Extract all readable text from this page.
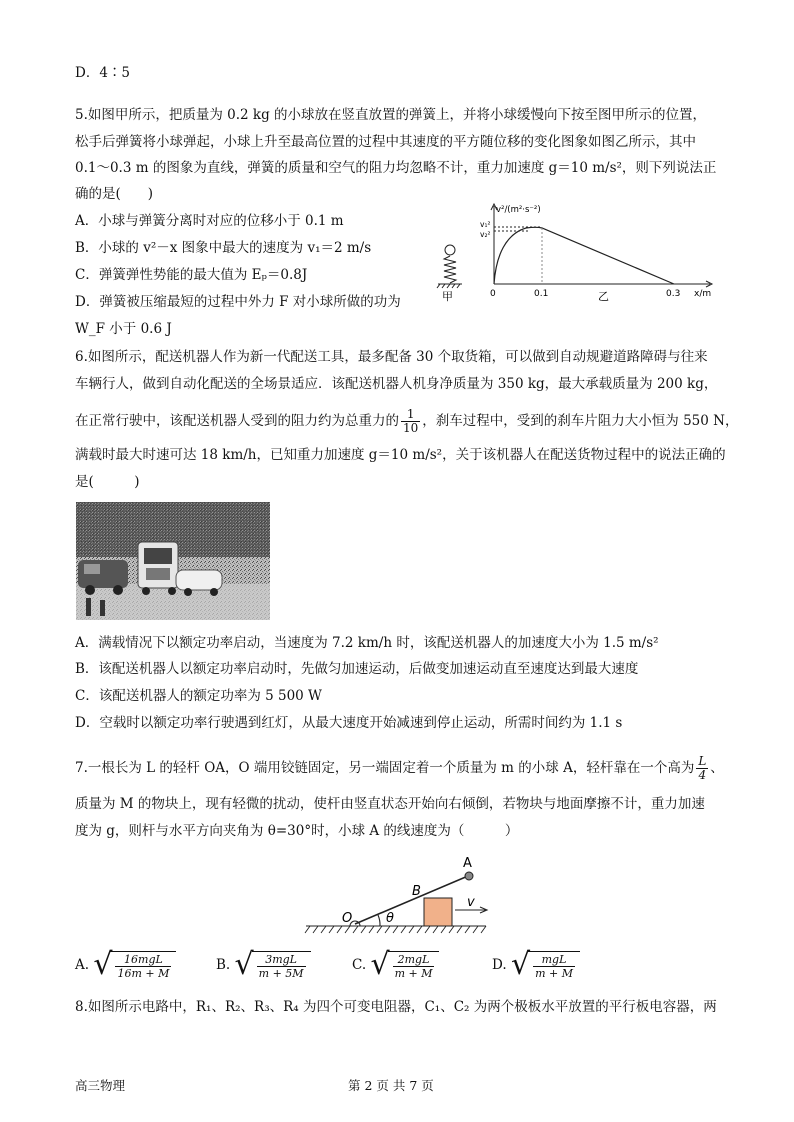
D．4∶5
5.如图甲所示，把质量为 0.2 kg 的小球放在竖直放置的弹簧上，并将小球缓慢向下按至图甲所示的位置，
松手后弹簧将小球弹起，小球上升至最高位置的过程中其速度的平方随位移的变化图象如图乙所示，其中
0.1～0.3 m 的图象为直线，弹簧的质量和空气的阻力均忽略不计，重力加速度 g＝10 m/s²，则下列说法正
确的是(　　)
A．小球与弹簧分离时对应的位移小于 0.1 m
B．小球的 v²－x 图象中最大的速度为 v₁＝2 m/s
C．弹簧弹性势能的最大值为 Eₚ＝0.8J
D．弹簧被压缩最短的过程中外力 F 对小球所做的功为
W_F 小于 0.6 J
甲
v²/(m²·s⁻²)
v₁²
v₂²
0	0.1	乙	0.3 x/m
6.如图所示，配送机器人作为新一代配送工具，最多配备 30 个取货箱，可以做到自动规避道路障碍与往来
车辆行人，做到自动化配送的全场景适应．该配送机器人机身净质量为 350 kg，最大承载质量为 200 kg，
在正常行驶中，该配送机器人受到的阻力约为总重力的 $\frac{1}{10}$ ，刹车过程中，受到的刹车片阻力大小恒为 550 N，
满载时最大时速可达 18 km/h，已知重力加速度 g＝10 m/s²，关于该机器人在配送货物过程中的说法正确的
是(　　　)
A．满载情况下以额定功率启动，当速度为 7.2 km/h 时，该配送机器人的加速度大小为 1.5 m/s²
B．该配送机器人以额定功率启动时，先做匀加速运动，后做变加速运动直至速度达到最大速度
C．该配送机器人的额定功率为 5 500 W
D．空载时以额定功率行驶遇到红灯，从最大速度开始减速到停止运动，所需时间约为 1.1 s
7.一根长为 L 的轻杆 OA，O 端用铰链固定，另一端固定着一个质量为 m 的小球 A，轻杆靠在一个高为 $\frac{L}{4}$ 、
质量为 M 的物块上，现有轻微的扰动，使杆由竖直状态开始向右倾倒，若物块与地面摩擦不计，重力加速
度为 g，则杆与水平方向夹角为 θ=30°时，小球 A 的线速度为（　　　）
A
B
O	θ
v
A. √ $\frac{\text{16mgL}}{16m + M}$	B. √ $\frac{\text{3mgL}}{m + 5M}$	C. √ $\frac{\text{2mgL}}{m + M}$	D. √ $\frac{\text{mgL}}{m + M}$
8.如图所示电路中，R₁、R₂、R₃、R₄ 为四个可变电阻器，C₁、C₂ 为两个极板水平放置的平行板电容器，两
高三物理	第 2 页 共 7 页
